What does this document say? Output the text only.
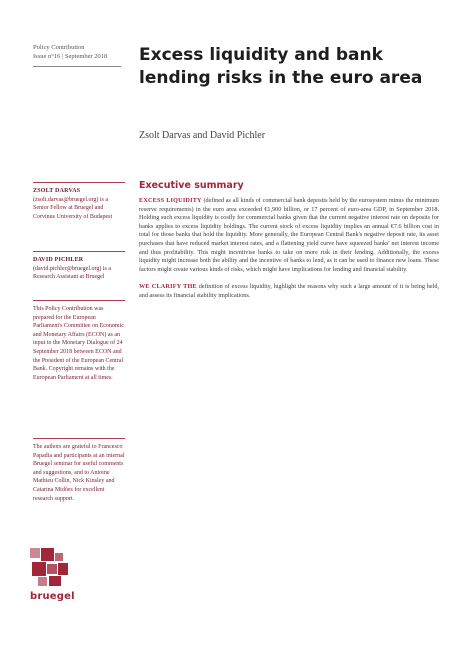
Policy Contribution
Issue n°16 | September 2018	Excess liquidity and bank lending risks in the euro area
Zsolt Darvas and David Pichler

ZSOLT DARVAS (zsolt.darvas@bruegel.org) is a Senior Fellow at Bruegel and Corvinus University of Budapest

DAVID PICHLER (david.pichler@bruegel.org) is a Research Assistant at Bruegel

This Policy Contribution was prepared for the European Parliament's Committee on Economic and Monetary Affairs (ECON) as an input to the Monetary Dialogue of 24 September 2018 between ECON and the President of the European Central Bank. Copyright remains with the European Parliament at all times.

The authors are grateful to Francesco Papadia and participants at an internal Bruegel seminar for useful comments and suggestions, and to Antoine Mathieu Collin, Nick Kinsley and Catarina Midões for excellent research support.

Executive summary

EXCESS LIQUIDITY (defined as all kinds of commercial bank deposits held by the eurosystem minus the minimum reserve requirements) in the euro area exceeded €1,900 billion, or 17 percent of euro-area GDP, in September 2018. Holding such excess liquidity is costly for commercial banks given that the current negative interest rate on deposits for banks applies to excess liquidity holdings. The current stock of excess liquidity implies an annual €7.6 billion cost in total for those banks that hold the liquidity. More generally, the European Central Bank's negative deposit rate, its asset purchases that have reduced market interest rates, and a flattening yield curve have squeezed banks' net interest income and thus profitability. This might incentivise banks to take on more risk in their lending. Additionally, the excess liquidity might increase both the ability and the incentive of banks to lend, as it can be used to finance new loans. These factors might create various kinds of risks, which might have implications for lending and financial stability.

WE CLARIFY THE definition of excess liquidity, highlight the reasons why such a large amount of it is being held, and assess its financial stability implications.

bruegel
